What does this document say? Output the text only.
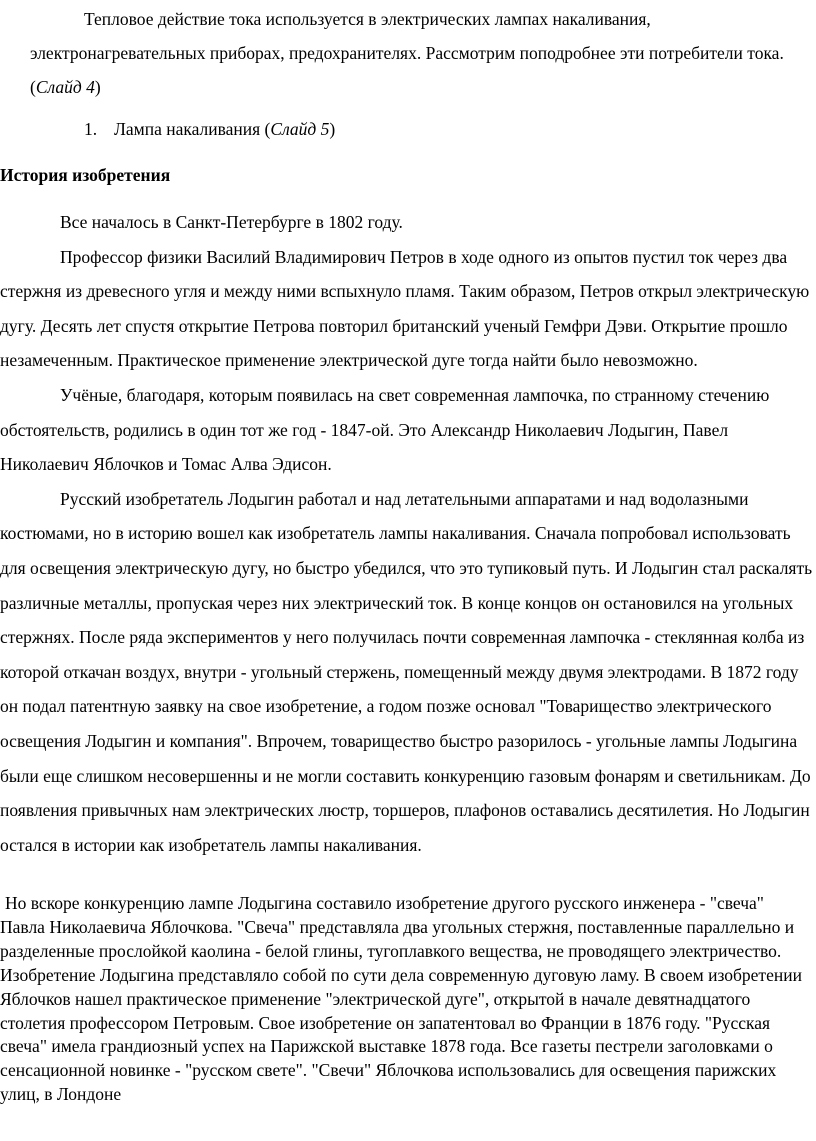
Тепловое действие тока используется в электрических лампах накаливания, электронагревательных приборах, предохранителях. Рассмотрим поподробнее эти потребители тока. (Слайд 4)

1. Лампа накаливания (Слайд 5)

История изобретения

Все началось в Санкт-Петербурге в 1802 году.

Профессор физики Василий Владимирович Петров в ходе одного из опытов пустил ток через два стержня из древесного угля и между ними вспыхнуло пламя. Таким образом, Петров открыл электрическую дугу. Десять лет спустя открытие Петрова повторил британский ученый Гемфри Дэви. Открытие прошло незамеченным. Практическое применение электрической дуге тогда найти было невозможно.

Учёные, благодаря, которым появилась на свет современная лампочка, по странному стечению обстоятельств, родились в один тот же год - 1847-ой. Это Александр Николаевич Лодыгин, Павел Николаевич Яблочков и Томас Алва Эдисон.

Русский изобретатель Лодыгин работал и над летательными аппаратами и над водолазными костюмами, но в историю вошел как изобретатель лампы накаливания. Сначала попробовал использовать для освещения электрическую дугу, но быстро убедился, что это тупиковый путь. И Лодыгин стал раскалять различные металлы, пропуская через них электрический ток. В конце концов он остановился на угольных стержнях. После ряда экспериментов у него получилась почти современная лампочка - стеклянная колба из которой откачан воздух, внутри - угольный стержень, помещенный между двумя электродами. В 1872 году он подал патентную заявку на свое изобретение, а годом позже основал "Товарищество электрического освещения Лодыгин и компания". Впрочем, товарищество быстро разорилось - угольные лампы Лодыгина были еще слишком несовершенны и не могли составить конкуренцию газовым фонарям и светильникам. До появления привычных нам электрических люстр, торшеров, плафонов оставались десятилетия. Но Лодыгин остался в истории как изобретатель лампы накаливания.

Но вскоре конкуренцию лампе Лодыгина составило изобретение другого русского инженера - "свеча" Павла Николаевича Яблочкова. "Свеча" представляла два угольных стержня, поставленные параллельно и разделенные прослойкой каолина - белой глины, тугоплавкого вещества, не проводящего электричество. Изобретение Лодыгина представляло собой по сути дела современную дуговую ламу. В своем изобретении Яблочков нашел практическое применение "электрической дуге", открытой в начале девятнадцатого столетия профессором Петровым. Свое изобретение он запатентовал во Франции в 1876 году. "Русская свеча" имела грандиозный успех на Парижской выставке 1878 года. Все газеты пестрели заголовками о сенсационной новинке - "русском свете". "Свечи" Яблочкова использовались для освещения парижских улиц, в Лондоне
